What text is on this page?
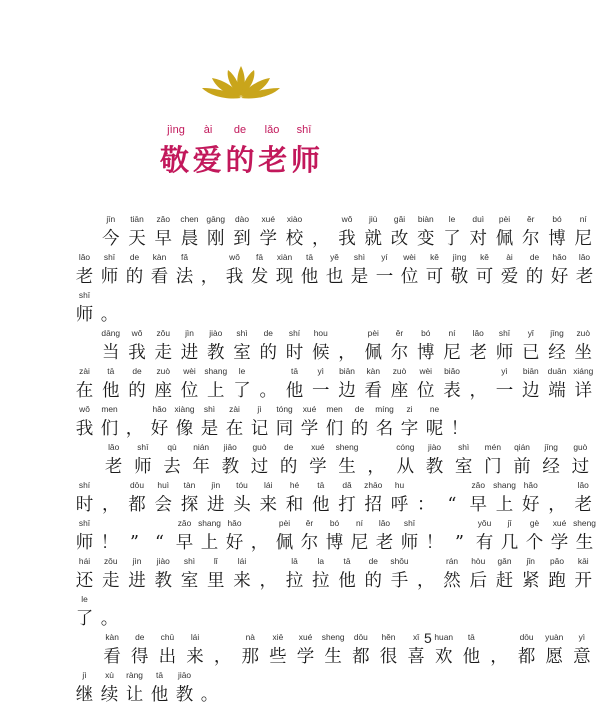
jìng ài de lǎo shī
敬 爱 的 老 师
jīn
今
tiān
天
zǎo
早
chen
晨
gāng
刚
dào
到
xué
学
xiào
校 ，
wǒ
我
jiù
就
gǎi
改
biàn
变
le
了
duì
对
pèi
佩
ěr
尔
bó
博
ní
尼
lǎo
老
shī
师
de
的
kàn
看
fǎ
法 ，
wǒ
我
fā
发
xiàn
现
tā
他
yě
也
shì
是
yí
一
wèi
位
kě
可
jìng
敬
kě
可
ài
爱
de
的
hǎo
好
lǎo
老
shī
师 。
dāng
当
wǒ
我
zǒu
走
jìn
进
jiào
教
shì
室
de
的
shí
时
hou
候 ，
pèi
佩
ěr
尔
bó
博
ní
尼
lǎo
老
shī
师
yǐ
已
jīng
经
zuò
坐
zài
在
tā
他
de
的
zuò
座
wèi
位
shang
上
le
了 。
tā
他
yì
一
biān
边
kàn
看
zuò
座
wèi
位
biǎo
表 ，
yì
一
biān
边
duān
端
xiáng
详
wǒ
我
men
们 ，
hǎo
好
xiàng
像
shì
是
zài
在
jì
记
tóng
同
xué
学
men
们
de
的
míng
名
zi
字
ne
呢 ！
lǎo
老
shī
师
qù
去
nián
年
jiāo
教
guò
过
de
的
xué
学
sheng
生 ，
cóng
从
jiào
教
shì
室
mén
门
qián
前
jīng
经
guò
过
shí
时 ，
dōu
都
huì
会
tàn
探
jìn
进
tóu
头
lái
来
hé
和
tā
他
dǎ
打
zhāo
招
hu
呼 ： “
zǎo
早
shang
上
hǎo
好 ，
lǎo
老
shī
师 ！ ” “
zǎo
早
shang
上
hǎo
好 ，
pèi
佩
ěr
尔
bó
博
ní
尼
lǎo
老
shī
师 ！ ”
yǒu
有
jǐ
几
gè
个
xué
学
sheng
生
hái
还
zǒu
走
jìn
进
jiào
教
shì
室
lǐ
里
lái
来 ，
lā
拉
la
拉
tā
他
de
的
shǒu
手 ，
rán
然
hòu
后
gǎn
赶
jǐn
紧
pǎo
跑
kāi
开
le
了 。
kàn
看
de
得
chū
出
lái
来 ，
nà
那
xiē
些
xué
学
sheng
生
dōu
都
hěn
很
xǐ
喜
huan
欢
tā
他 ，
dōu
都
yuàn
愿
yì
意
jì
继
xù
续
ràng
让
tā
他
jiāo
教 。
5
